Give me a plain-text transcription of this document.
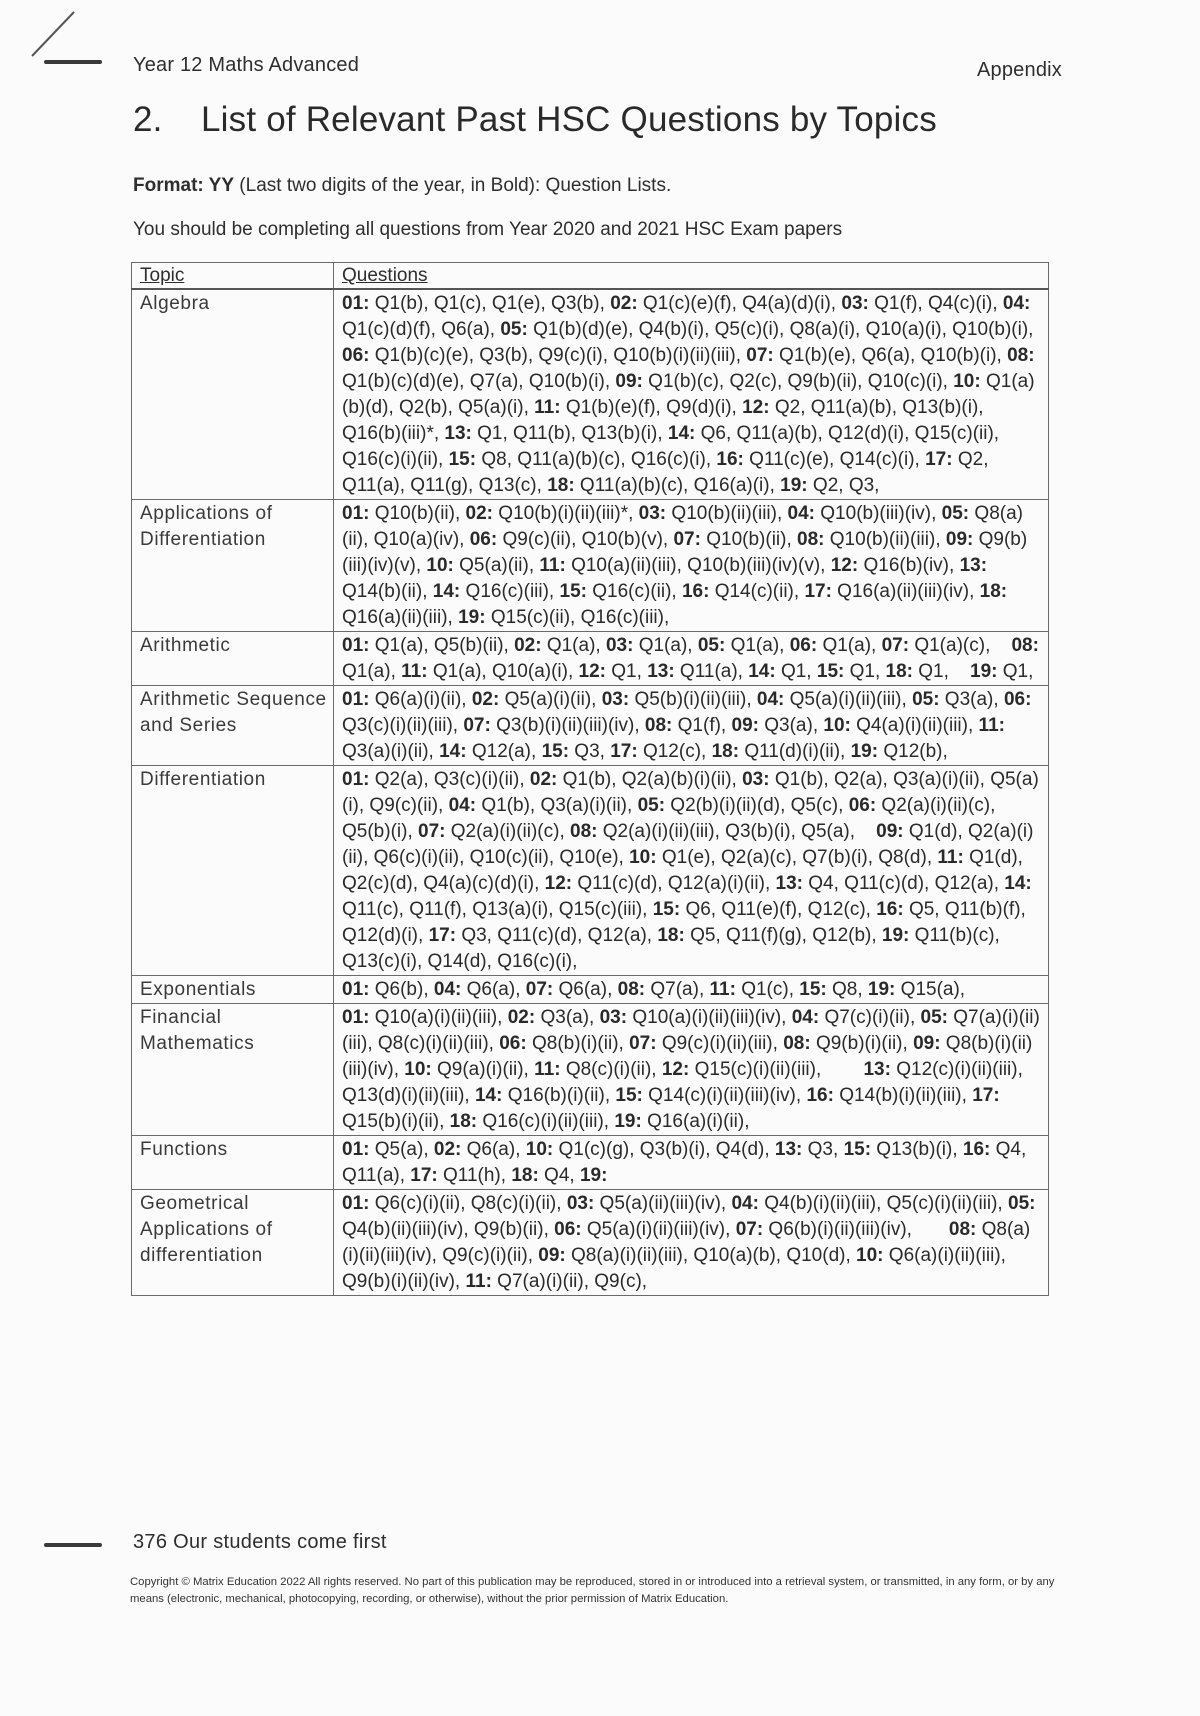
Year 12 Maths Advanced	Appendix
2. List of Relevant Past HSC Questions by Topics
Format: YY (Last two digits of the year, in Bold): Question Lists.
You should be completing all questions from Year 2020 and 2021 HSC Exam papers
Topic	Questions
Algebra	01: Q1(b), Q1(c), Q1(e), Q3(b), 02: Q1(c)(e)(f), Q4(a)(d)(i), 03: Q1(f), Q4(c)(i), 04: Q1(c)(d)(f), Q6(a), 05: Q1(b)(d)(e), Q4(b)(i), Q5(c)(i), Q8(a)(i), Q10(a)(i), Q10(b)(i), 06: Q1(b)(c)(e), Q3(b), Q9(c)(i), Q10(b)(i)(ii)(iii), 07: Q1(b)(e), Q6(a), Q10(b)(i), 08: Q1(b)(c)(d)(e), Q7(a), Q10(b)(i), 09: Q1(b)(c), Q2(c), Q9(b)(ii), Q10(c)(i), 10: Q1(a)(b)(d), Q2(b), Q5(a)(i), 11: Q1(b)(e)(f), Q9(d)(i), 12: Q2, Q11(a)(b), Q13(b)(i), Q16(b)(iii)*, 13: Q1, Q11(b), Q13(b)(i), 14: Q6, Q11(a)(b), Q12(d)(i), Q15(c)(ii), Q16(c)(i)(ii), 15: Q8, Q11(a)(b)(c), Q16(c)(i), 16: Q11(c)(e), Q14(c)(i), 17: Q2, Q11(a), Q11(g), Q13(c), 18: Q11(a)(b)(c), Q16(a)(i), 19: Q2, Q3,
Applications of Differentiation	01: Q10(b)(ii), 02: Q10(b)(i)(ii)(iii)*, 03: Q10(b)(ii)(iii), 04: Q10(b)(iii)(iv), 05: Q8(a)(ii), Q10(a)(iv), 06: Q9(c)(ii), Q10(b)(v), 07: Q10(b)(ii), 08: Q10(b)(ii)(iii), 09: Q9(b)(iii)(iv)(v), 10: Q5(a)(ii), 11: Q10(a)(ii)(iii), Q10(b)(iii)(iv)(v), 12: Q16(b)(iv), 13: Q14(b)(ii), 14: Q16(c)(iii), 15: Q16(c)(ii), 16: Q14(c)(ii), 17: Q16(a)(ii)(iii)(iv), 18: Q16(a)(ii)(iii), 19: Q15(c)(ii), Q16(c)(iii),
Arithmetic	01: Q1(a), Q5(b)(ii), 02: Q1(a), 03: Q1(a), 05: Q1(a), 06: Q1(a), 07: Q1(a)(c),    08: Q1(a), 11: Q1(a), Q10(a)(i), 12: Q1, 13: Q11(a), 14: Q1, 15: Q1, 18: Q1,    19: Q1,
Arithmetic Sequence and Series	01: Q6(a)(i)(ii), 02: Q5(a)(i)(ii), 03: Q5(b)(i)(ii)(iii), 04: Q5(a)(i)(ii)(iii), 05: Q3(a), 06: Q3(c)(i)(ii)(iii), 07: Q3(b)(i)(ii)(iii)(iv), 08: Q1(f), 09: Q3(a), 10: Q4(a)(i)(ii)(iii), 11: Q3(a)(i)(ii), 14: Q12(a), 15: Q3, 17: Q12(c), 18: Q11(d)(i)(ii), 19: Q12(b),
Differentiation	01: Q2(a), Q3(c)(i)(ii), 02: Q1(b), Q2(a)(b)(i)(ii), 03: Q1(b), Q2(a), Q3(a)(i)(ii), Q5(a)(i), Q9(c)(ii), 04: Q1(b), Q3(a)(i)(ii), 05: Q2(b)(i)(ii)(d), Q5(c), 06: Q2(a)(i)(ii)(c), Q5(b)(i), 07: Q2(a)(i)(ii)(c), 08: Q2(a)(i)(ii)(iii), Q3(b)(i), Q5(a),    09: Q1(d), Q2(a)(i)(ii), Q6(c)(i)(ii), Q10(c)(ii), Q10(e), 10: Q1(e), Q2(a)(c), Q7(b)(i), Q8(d), 11: Q1(d), Q2(c)(d), Q4(a)(c)(d)(i), 12: Q11(c)(d), Q12(a)(i)(ii), 13: Q4, Q11(c)(d), Q12(a), 14: Q11(c), Q11(f), Q13(a)(i), Q15(c)(iii), 15: Q6, Q11(e)(f), Q12(c), 16: Q5, Q11(b)(f), Q12(d)(i), 17: Q3, Q11(c)(d), Q12(a), 18: Q5, Q11(f)(g), Q12(b), 19: Q11(b)(c), Q13(c)(i), Q14(d), Q16(c)(i),
Exponentials	01: Q6(b), 04: Q6(a), 07: Q6(a), 08: Q7(a), 11: Q1(c), 15: Q8, 19: Q15(a),
Financial Mathematics	01: Q10(a)(i)(ii)(iii), 02: Q3(a), 03: Q10(a)(i)(ii)(iii)(iv), 04: Q7(c)(i)(ii), 05: Q7(a)(i)(ii)(iii), Q8(c)(i)(ii)(iii), 06: Q8(b)(i)(ii), 07: Q9(c)(i)(ii)(iii), 08: Q9(b)(i)(ii), 09: Q8(b)(i)(ii)(iii)(iv), 10: Q9(a)(i)(ii), 11: Q8(c)(i)(ii), 12: Q15(c)(i)(ii)(iii),        13: Q12(c)(i)(ii)(iii), Q13(d)(i)(ii)(iii), 14: Q16(b)(i)(ii), 15: Q14(c)(i)(ii)(iii)(iv), 16: Q14(b)(i)(ii)(iii), 17: Q15(b)(i)(ii), 18: Q16(c)(i)(ii)(iii), 19: Q16(a)(i)(ii),
Functions	01: Q5(a), 02: Q6(a), 10: Q1(c)(g), Q3(b)(i), Q4(d), 13: Q3, 15: Q13(b)(i), 16: Q4, Q11(a), 17: Q11(h), 18: Q4, 19:
Geometrical Applications of differentiation	01: Q6(c)(i)(ii), Q8(c)(i)(ii), 03: Q5(a)(ii)(iii)(iv), 04: Q4(b)(i)(ii)(iii), Q5(c)(i)(ii)(iii), 05: Q4(b)(ii)(iii)(iv), Q9(b)(ii), 06: Q5(a)(i)(ii)(iii)(iv), 07: Q6(b)(i)(ii)(iii)(iv),       08: Q8(a)(i)(ii)(iii)(iv), Q9(c)(i)(ii), 09: Q8(a)(i)(ii)(iii), Q10(a)(b), Q10(d), 10: Q6(a)(i)(ii)(iii), Q9(b)(i)(ii)(iv), 11: Q7(a)(i)(ii), Q9(c),
376 Our students come first
Copyright © Matrix Education 2022 All rights reserved. No part of this publication may be reproduced, stored in or introduced into a retrieval system, or transmitted, in any form, or by any means (electronic, mechanical, photocopying, recording, or otherwise), without the prior permission of Matrix Education.
